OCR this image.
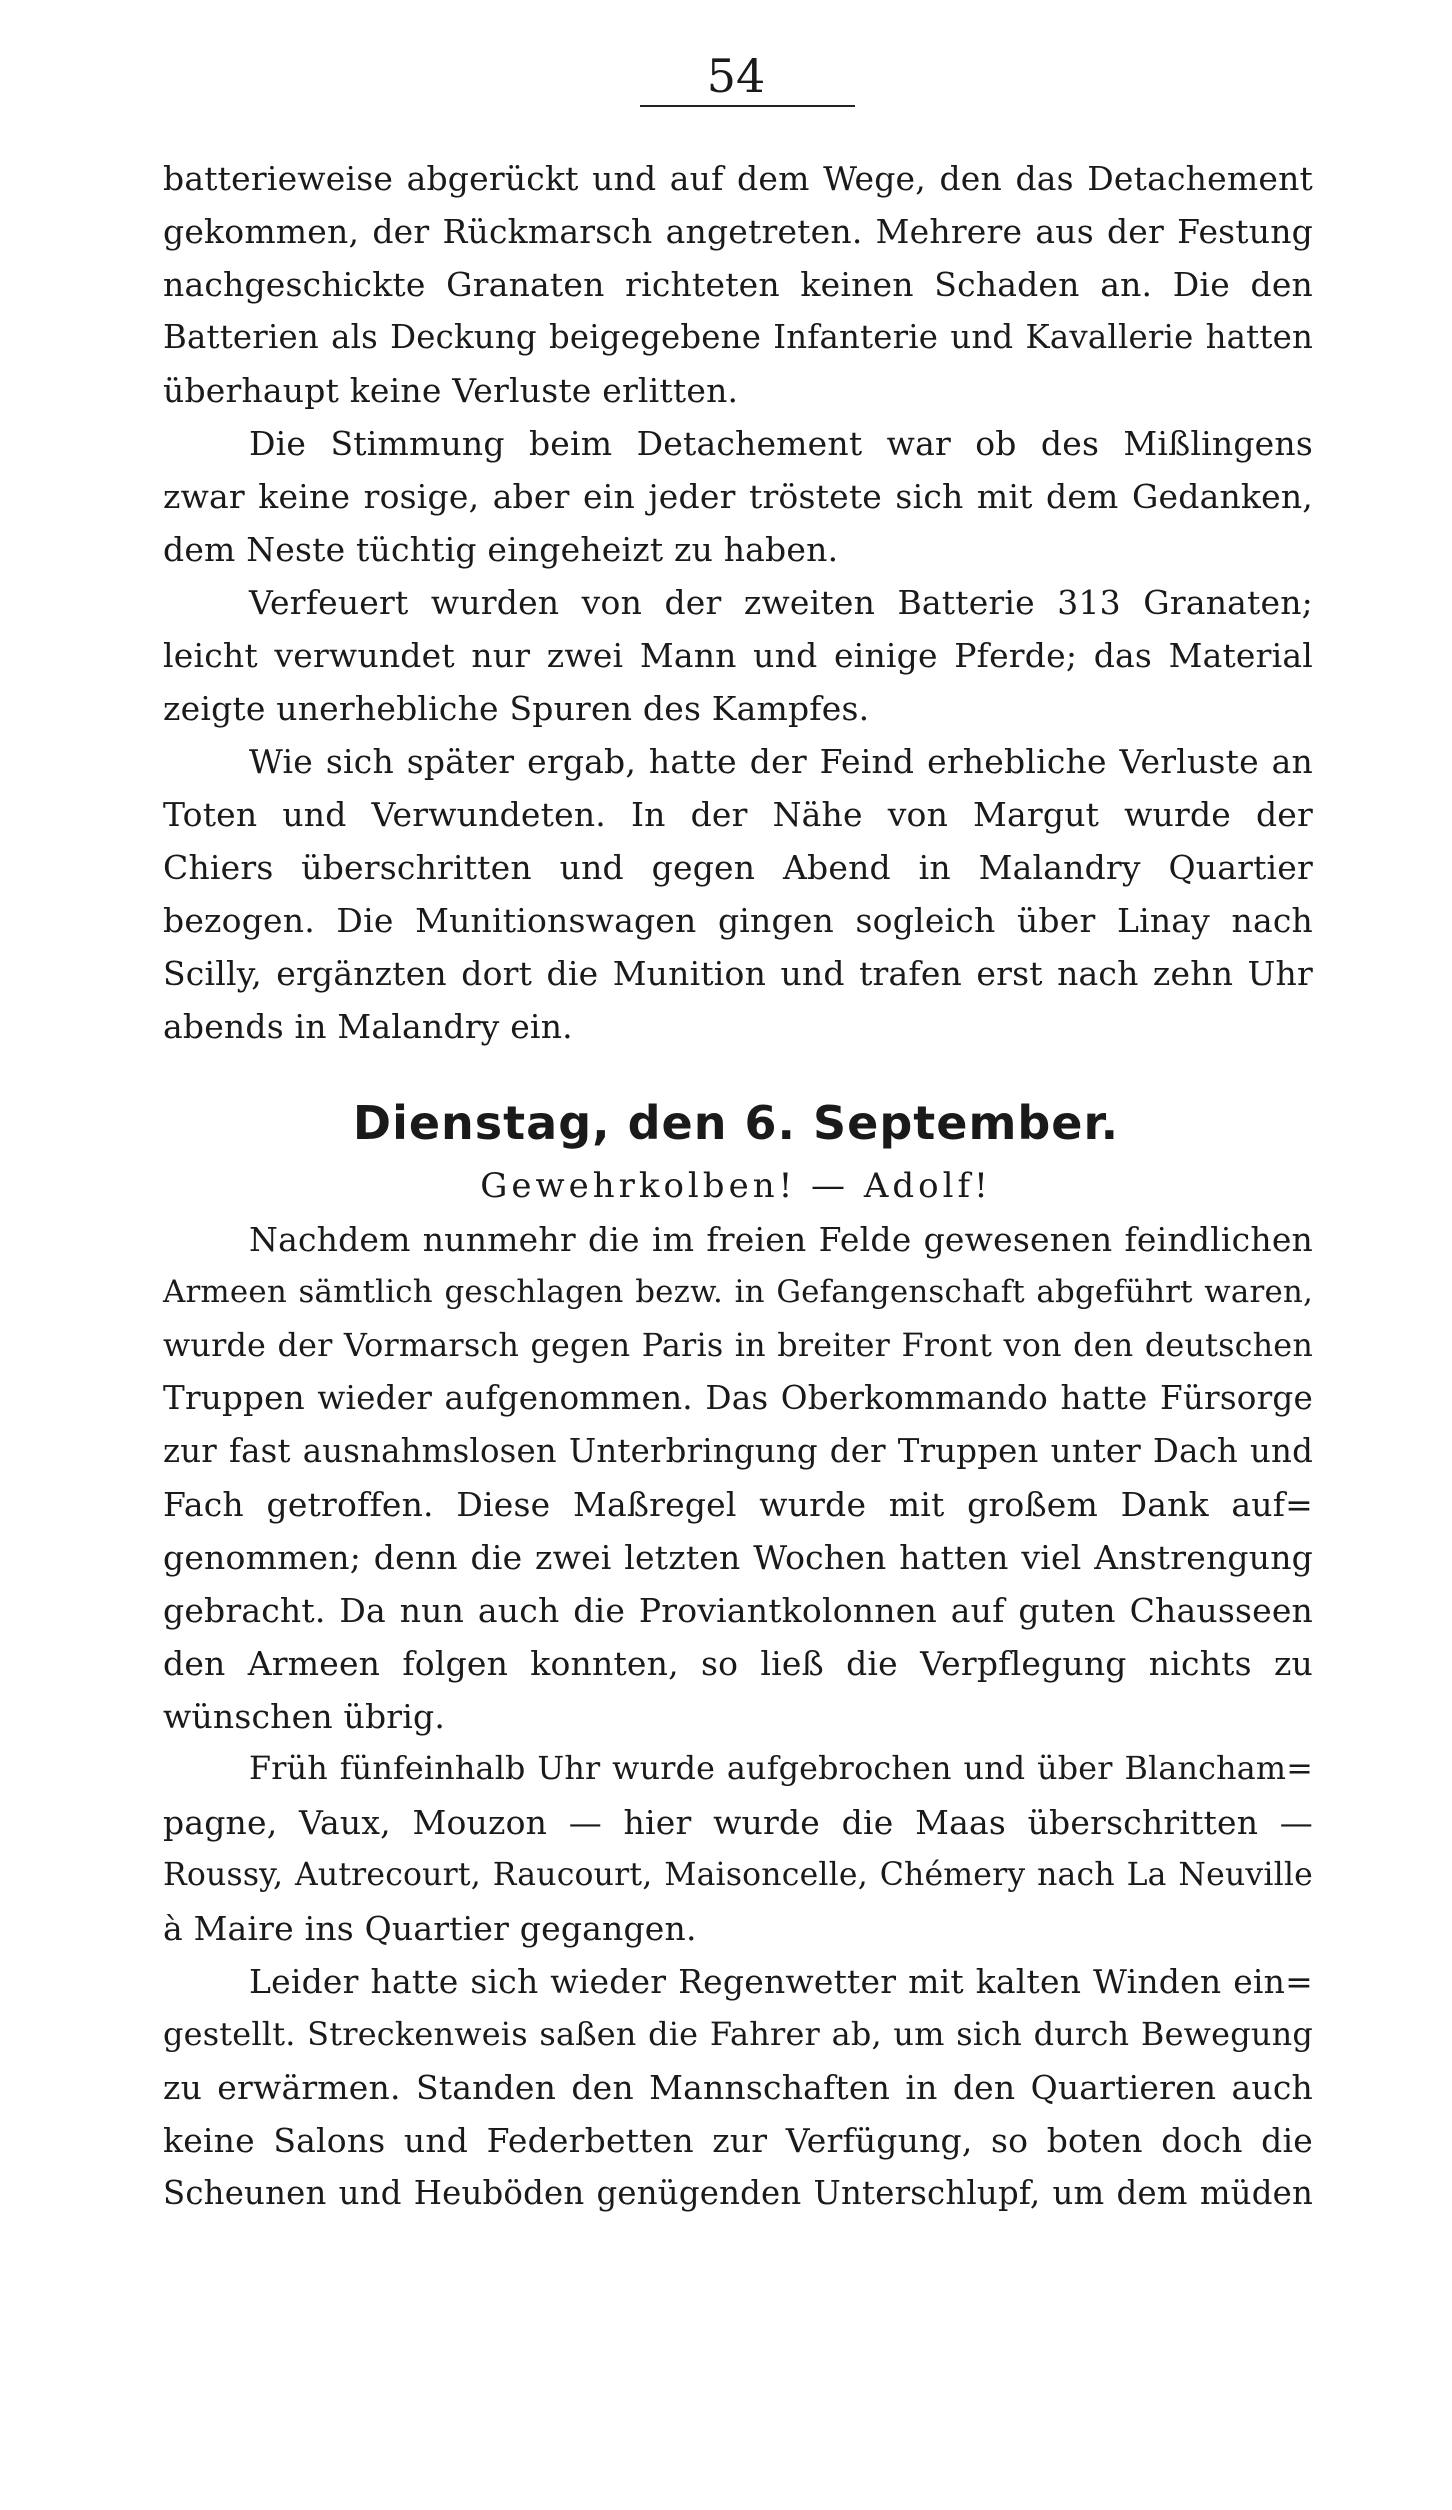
54
batterieweise abgerückt und auf dem Wege, den das Detachement
gekommen, der Rückmarsch angetreten. Mehrere aus der Festung
nachgeschickte Granaten richteten keinen Schaden an. Die den
Batterien als Deckung beigegebene Infanterie und Kavallerie hatten
überhaupt keine Verluste erlitten.
Die Stimmung beim Detachement war ob des Mißlingens
zwar keine rosige, aber ein jeder tröstete sich mit dem Gedanken,
dem Neste tüchtig eingeheizt zu haben.
Verfeuert wurden von der zweiten Batterie 313 Granaten;
leicht verwundet nur zwei Mann und einige Pferde; das Material
zeigte unerhebliche Spuren des Kampfes.
Wie sich später ergab, hatte der Feind erhebliche Verluste an
Toten und Verwundeten. In der Nähe von Margut wurde der
Chiers überschritten und gegen Abend in Malandry Quartier
bezogen. Die Munitionswagen gingen sogleich über Linay nach
Scilly, ergänzten dort die Munition und trafen erst nach zehn Uhr
abends in Malandry ein.
Dienstag, den 6. September.
Gewehrkolben! — Adolf!
Nachdem nunmehr die im freien Felde gewesenen feindlichen
Armeen sämtlich geschlagen bezw. in Gefangenschaft abgeführt waren,
wurde der Vormarsch gegen Paris in breiter Front von den deutschen
Truppen wieder aufgenommen. Das Oberkommando hatte Fürsorge
zur fast ausnahmslosen Unterbringung der Truppen unter Dach und
Fach getroffen. Diese Maßregel wurde mit großem Dank auf=
genommen; denn die zwei letzten Wochen hatten viel Anstrengung
gebracht. Da nun auch die Proviantkolonnen auf guten Chausseen
den Armeen folgen konnten, so ließ die Verpflegung nichts zu
wünschen übrig.
Früh fünfeinhalb Uhr wurde aufgebrochen und über Blancham=
pagne, Vaux, Mouzon — hier wurde die Maas überschritten —
Roussy, Autrecourt, Raucourt, Maisoncelle, Chémery nach La Neuville
à Maire ins Quartier gegangen.
Leider hatte sich wieder Regenwetter mit kalten Winden ein=
gestellt. Streckenweis saßen die Fahrer ab, um sich durch Bewegung
zu erwärmen. Standen den Mannschaften in den Quartieren auch
keine Salons und Federbetten zur Verfügung, so boten doch die
Scheunen und Heuböden genügenden Unterschlupf, um dem müden
